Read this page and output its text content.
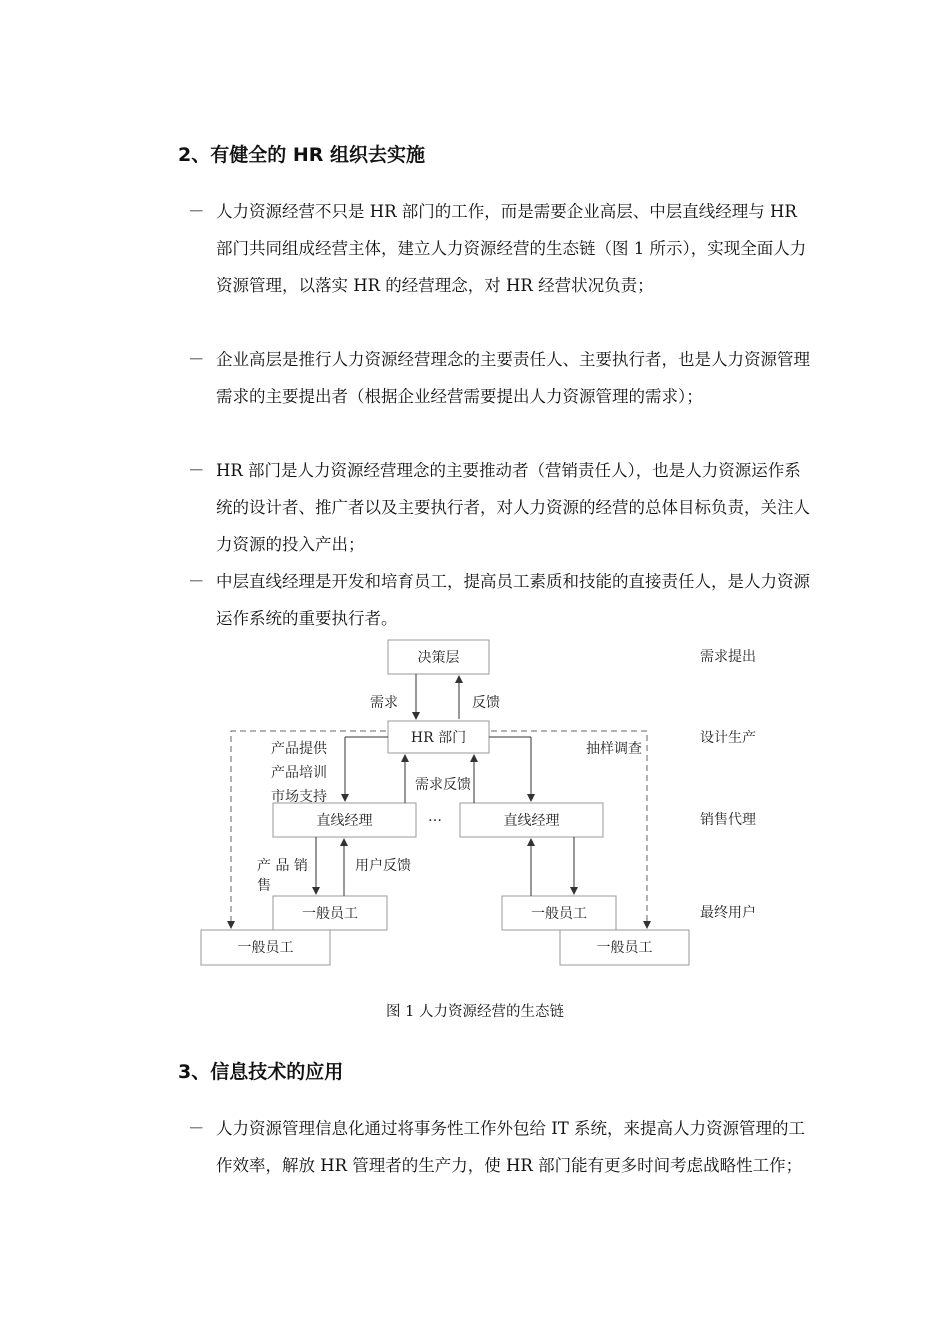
2、有健全的 HR 组织去实施
－ 人力资源经营不只是 HR 部门的工作，而是需要企业高层、中层直线经理与 HR 部门共同组成经营主体，建立人力资源经营的生态链（图 1 所示），实现全面人力资源管理，以落实 HR 的经营理念，对 HR 经营状况负责；
－ 企业高层是推行人力资源经营理念的主要责任人、主要执行者，也是人力资源管理需求的主要提出者（根据企业经营需要提出人力资源管理的需求）；
－ HR 部门是人力资源经营理念的主要推动者（营销责任人），也是人力资源运作系统的设计者、推广者以及主要执行者，对人力资源的经营的总体目标负责，关注人力资源的投入产出；
－ 中层直线经理是开发和培育员工，提高员工素质和技能的直接责任人，是人力资源运作系统的重要执行者。
决策层
HR 部门
直线经理	直线经理
一般员工
一般员工
一般员工
一般员工
需求	反馈
产品提供
产品培训
市场支持
需求反馈
抽样调查
…
产 品 销
售
用户反馈
需求提出
设计生产
销售代理
最终用户
图 1 人力资源经营的生态链
3、信息技术的应用
－ 人力资源管理信息化通过将事务性工作外包给 IT 系统，来提高人力资源管理的工作效率，解放 HR 管理者的生产力，使 HR 部门能有更多时间考虑战略性工作；
